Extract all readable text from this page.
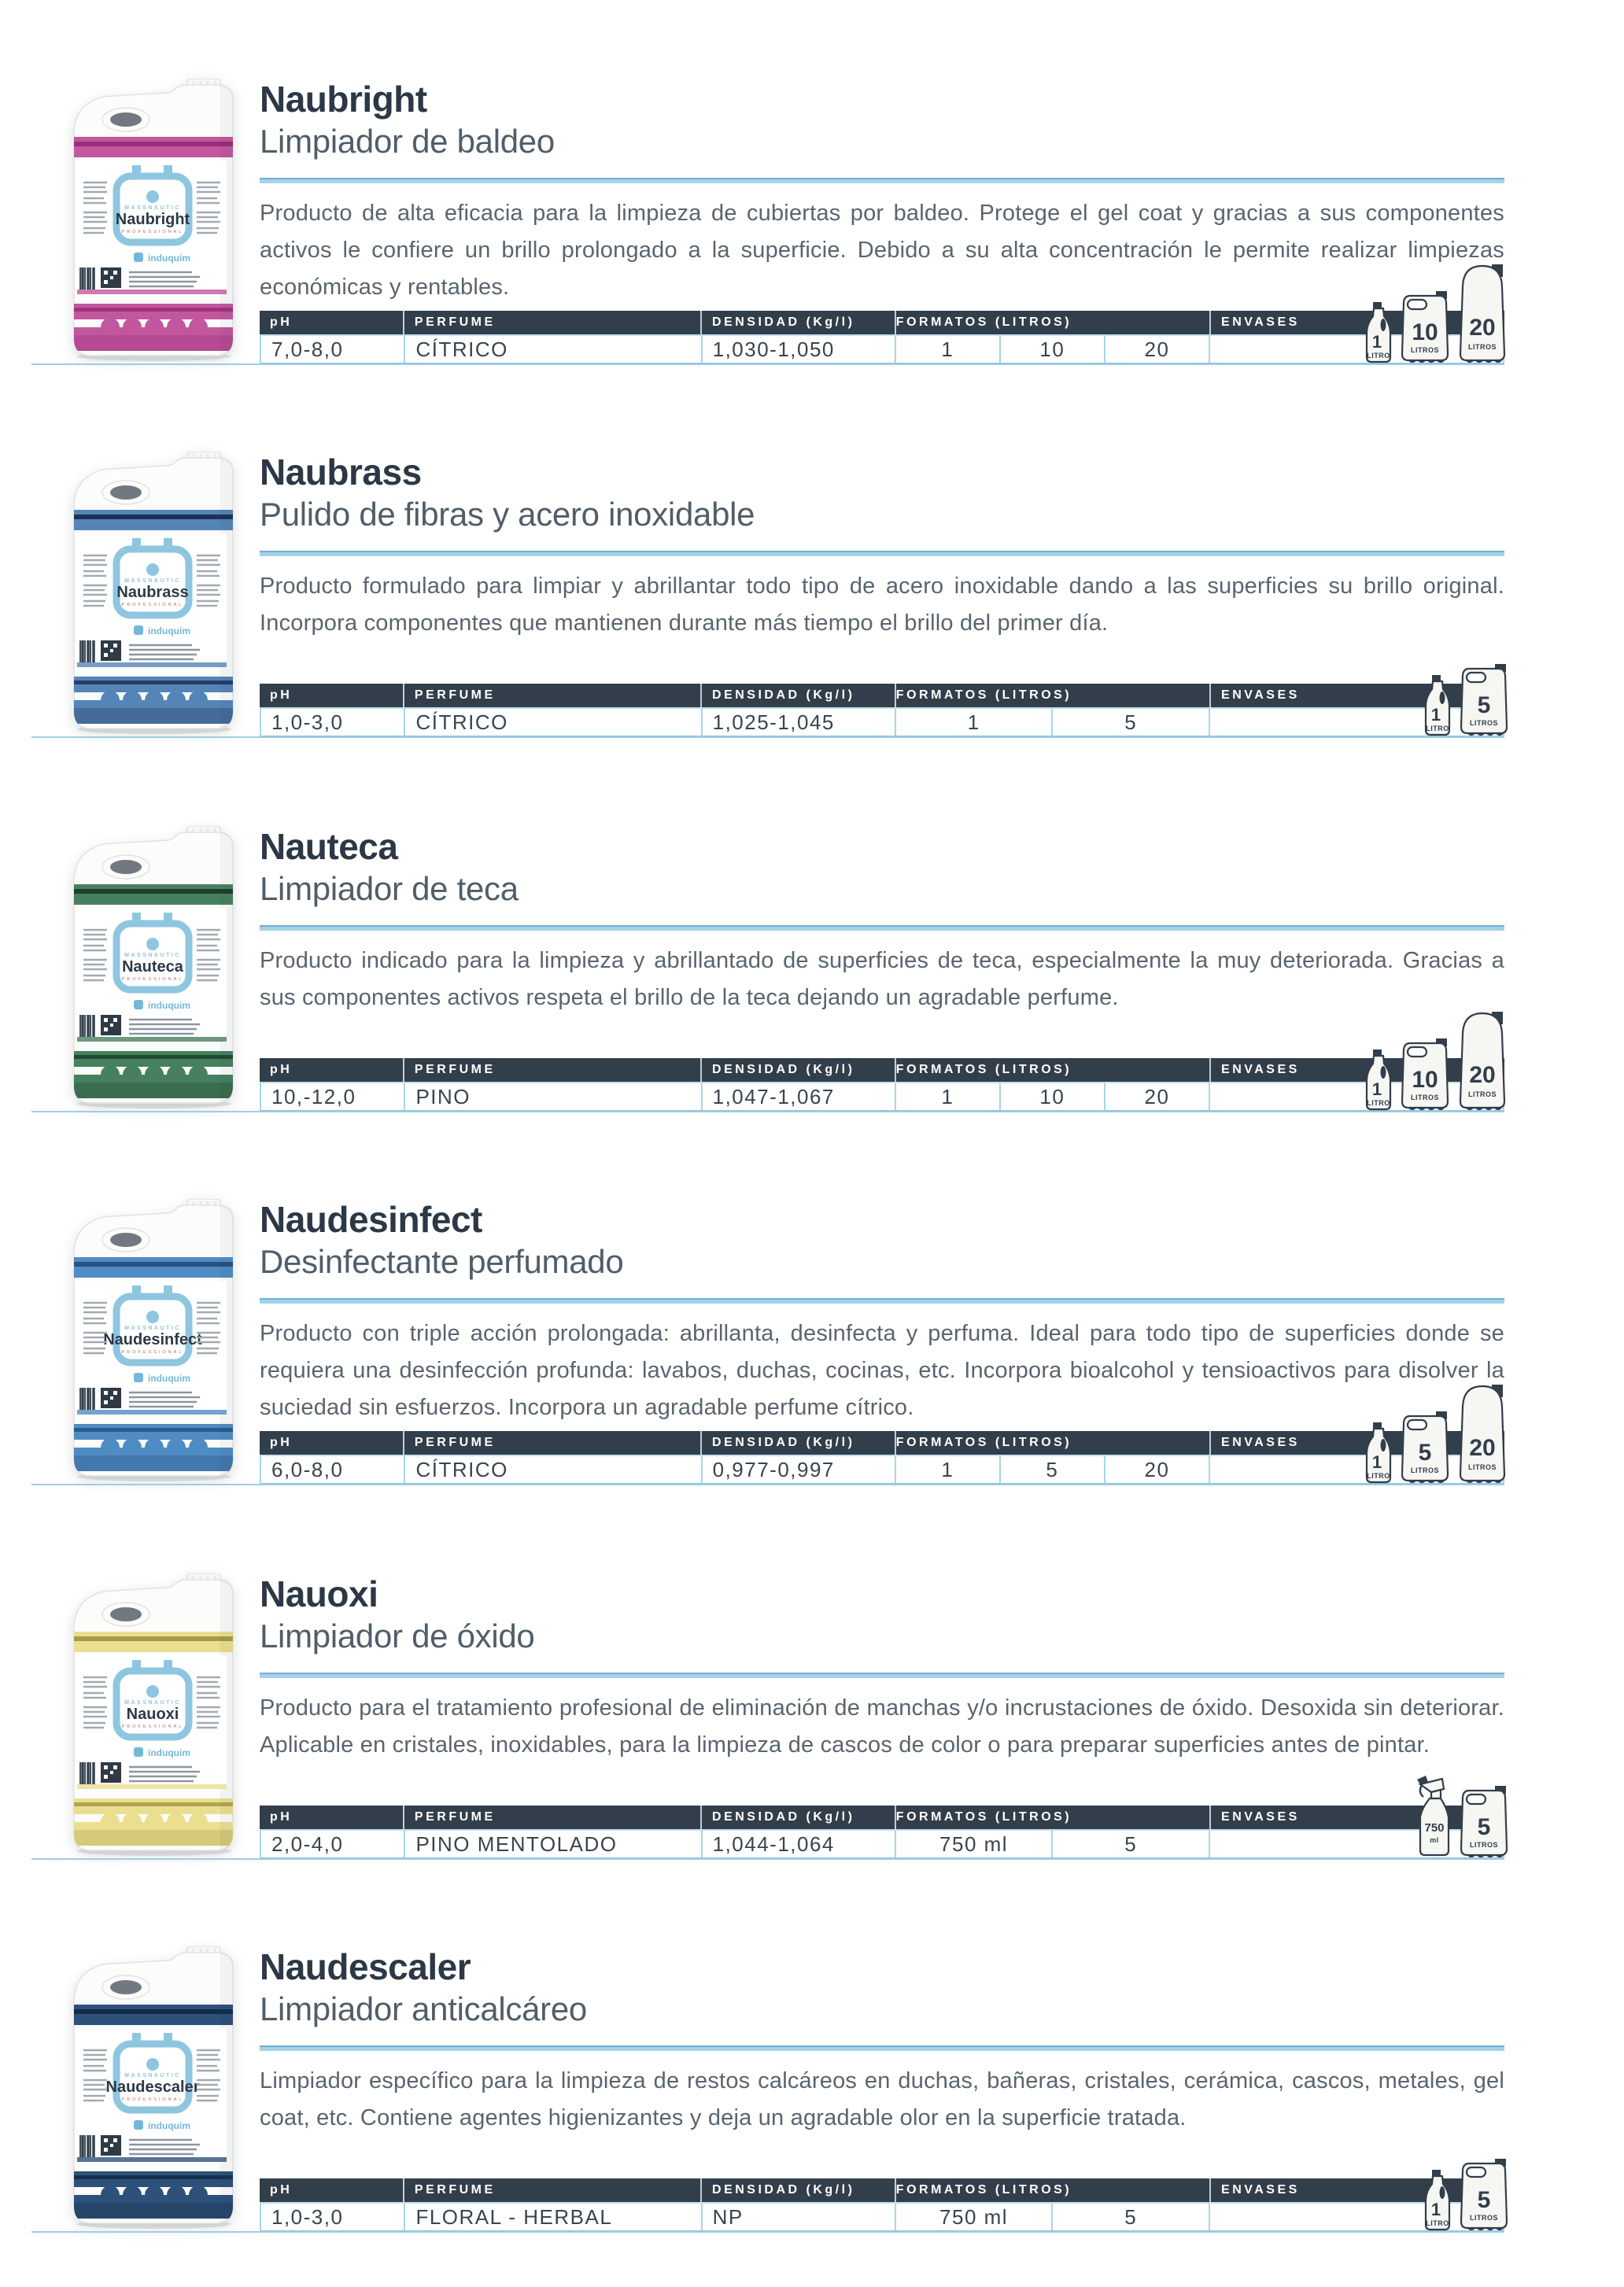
MASSNAUTIC
Naubright
PROFESSIONAL
induquim
Naubright
Limpiador de baldeo

Producto de alta eficacia para la limpieza de cubiertas por baldeo. Protege el gel coat y gracias a sus componentes activos le confiere un brillo prolongado a la superficie. Debido a su alta concentración le permite realizar limpiezas económicas y rentables.

pH	PERFUME	DENSIDAD (Kg/l)	FORMATOS (LITROS)	ENVASES
7,0-8,0	CÍTRICO	1,030-1,050	1	10	20	1
LITRO
10
LITROS
20
LITROS
MASSNAUTIC
Naubrass
PROFESSIONAL
induquim
Naubrass
Pulido de fibras y acero inoxidable

Producto formulado para limpiar y abrillantar todo tipo de acero inoxidable dando a las superficies su brillo original. Incorpora componentes que mantienen durante más tiempo el brillo del primer día.

pH	PERFUME	DENSIDAD (Kg/l)	FORMATOS (LITROS)	ENVASES
1,0-3,0	CÍTRICO	1,025-1,045	1	5	1
LITRO
5
LITROS
MASSNAUTIC
Nauteca
PROFESSIONAL
induquim
Nauteca
Limpiador de teca

Producto indicado para la limpieza y abrillantado de superficies de teca, especialmente la muy deteriorada. Gracias a sus componentes activos respeta el brillo de la teca dejando un agradable perfume.

pH	PERFUME	DENSIDAD (Kg/l)	FORMATOS (LITROS)	ENVASES
10,-12,0	PINO	1,047-1,067	1	10	20	1
LITRO
10
LITROS
20
LITROS
MASSNAUTIC
Naudesinfect
PROFESSIONAL
induquim
Naudesinfect
Desinfectante perfumado

Producto con triple acción prolongada: abrillanta, desinfecta y perfuma. Ideal para todo tipo de superficies donde se requiera una desinfección profunda: lavabos, duchas, cocinas, etc. Incorpora bioalcohol y tensioactivos para disolver la suciedad sin esfuerzos. Incorpora un agradable perfume cítrico.

pH	PERFUME	DENSIDAD (Kg/l)	FORMATOS (LITROS)	ENVASES
6,0-8,0	CÍTRICO	0,977-0,997	1	5	20	1
LITRO
5
LITROS
20
LITROS
MASSNAUTIC
Nauoxi
PROFESSIONAL
induquim
Nauoxi
Limpiador de óxido

Producto para el tratamiento profesional de eliminación de manchas y/o incrustaciones de óxido. Desoxida sin deteriorar. Aplicable en cristales, inoxidables, para la limpieza de cascos de color o para preparar superficies antes de pintar.

pH	PERFUME	DENSIDAD (Kg/l)	FORMATOS (LITROS)	ENVASES
2,0-4,0	PINO MENTOLADO	1,044-1,064	750 ml	5
750
ml 5
LITROS
MASSNAUTIC
Naudescaler
PROFESSIONAL
induquim
Naudescaler
Limpiador anticalcáreo

Limpiador específico para la limpieza de restos calcáreos en duchas, bañeras, cristales, cerámica, cascos, metales, gel coat, etc. Contiene agentes higienizantes y deja un agradable olor en la superficie tratada.

pH	PERFUME	DENSIDAD (Kg/l)	FORMATOS (LITROS)	ENVASES
1,0-3,0	FLORAL - HERBAL	NP	750 ml	5	1
LITRO
5
LITROS
